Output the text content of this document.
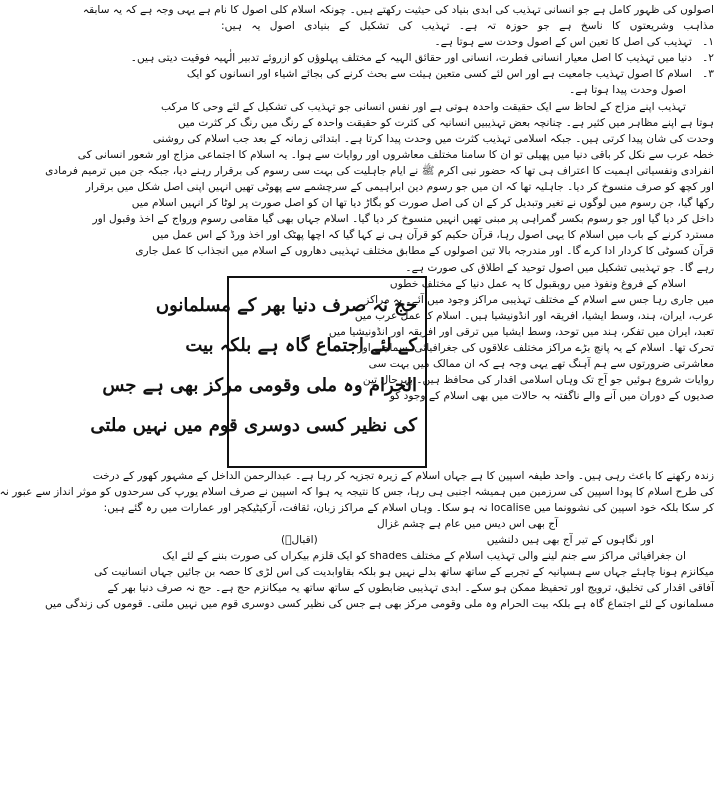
اصولوں کی ظہور کامل ہے جو انسانی تہذیب کی ابدی بنیاد کی حیثیت رکھتے ہیں۔ چونکہ اسلام کلی اصول کا نام ہے یہی وجہ ہے کہ یہ سابقہ
مذاہب وشریعتوں کا ناسخ ہے جو حوزہ تہ ہے۔ تہذیب کی تشکیل کے بنیادی اصول یہ ہیں:
۱۔
تہذیب کی اصل کا تعین اس کے اصول وحدت سے ہوتا ہے۔
۲۔
دنیا میں تہذیب کا اصل معیار انسانی فطرت، انسانی اور حقائق الہیہ کے مختلف پہلوؤں کو ازروئے تدبیر الٰہیہ فوقیت دیتی ہیں۔
۳۔
اسلام کا اصول تہذیب جامعیت ہے اور اس لئے کسی متعین ہیئت سے بحث کرنے کی بجائے اشیاء اور انسانوں کو ایک
اصول وحدت پیدا ہوتا ہے۔
تہذیب اپنے مزاج کے لحاظ سے ایک حقیقت واحدہ ہوتی ہے اور نفس انسانی جو تہذیب کی تشکیل کے لئے وحی کا مرکب
ہوتا ہے اپنے مظاہر میں کثیر ہے۔ چنانچہ بعض تہذیبیں انسانیہ کی کثرت کو حقیقت واحدہ کے رنگ میں رنگ کر کثرت میں
وحدت کی شان پیدا کرتی ہیں۔ جبکہ اسلامی تہذیب کثرت میں وحدت پیدا کرتا ہے۔ ابتدائی زمانہ کے بعد جب اسلام کی روشنی
خطہ عرب سے نکل کر باقی دنیا میں پھیلی تو ان کا سامنا مختلف معاشروں اور روایات سے ہوا۔ یہ اسلام کا اجتماعی مزاج اور شعور انسانی کی
انفرادی ونفسیاتی اہمیت کا اعتراف ہی تھا کہ حضور نبی اکرم ﷺ نے ایام جاہلیت کی بہت سی رسوم کی برقرار رہنے دیا، جبکہ جن میں ترمیم فرمادی
اور کچھ کو صرف منسوخ کر دیا۔ جاہلیہ تھا کہ ان میں جو رسوم دین ابراہیمی کے سرچشمے سے پھوٹی تھیں انہیں اپنی اصل شکل میں برقرار
رکھا گیا، جن رسوم میں لوگوں نے تغیر وتبدیل کر کے ان کی اصل صورت کو بگاڑ دیا تھا ان کو اصل صورت پر لوٹا کر انہیں اسلام میں
داخل کر دیا گیا اور جو رسوم بکسر گمراہی پر مبنی تھیں انہیں منسوخ کر دیا گیا۔ اسلام جہاں بھی گیا مقامی رسوم ورواج کے اخذ وقبول اور
مسترد کرنے کے باب میں اسلام کا یہی اصول رہا، قرآن حکیم کو قرآن ہی نے کہا گیا کہ اچھا پھٹک اور اخذ ورڈ کے اس عمل میں
قرآن کسوٹی کا کردار ادا کرے گا۔ اور مندرجہ بالا تین اصولوں کے مطابق مختلف تہذیبی دھاروں کے اسلام میں انجذاب کا عمل جاری
رہے گا۔ جو تہذیبی تشکیل میں اصول توحید کے اطلاق کی صورت ہے۔
اسلام کے فروغ ونفوذ میں روبقبول کا یہ عمل دنیا کے مختلف خطوں
میں جاری رہا جس سے اسلام کے مختلف تہذیبی مراکز وجود میں آئے۔ یہ مراکز
عرب، ایران، ہند، وسط ایشیا، افریقہ اور انڈونیشیا ہیں۔ اسلام کا عمل عرب میں
تعبد، ایران میں تفکر، ہند میں توحد، وسط ایشیا میں ترقی اور افریقہ اور انڈونیشیا میں
تحرک تھا۔ اسلام کے یہ پانچ بڑے مراکز مختلف علاقوں کی جغرافیائی، سماجی اور
معاشرتی ضرورتوں سے ہم آہنگ تھے یہی وجہ ہے کہ ان ممالک میں بہت سی
روایات شروع ہوئیں جو آج تک وہاں اسلامی اقدار کی محافظ ہیں۔ بہرحال تین
صدیوں کے دوران میں آنے والے ناگفتہ بہ حالات میں بھی اسلام کے وجود کو
حج نہ صرف دنیا بھر کے مسلمانوں
کے لئے اجتماع گاہ ہے بلکہ بیت
الحرام وہ ملی وقومی مرکز بھی ہے جس
کی نظیر کسی دوسری قوم میں نہیں ملتی
زندہ رکھنے کا باعث رہی ہیں۔ واحد طیفہ اسپین کا ہے جہاں اسلام کے زیرہ تجزیہ کر رہا ہے۔ عبدالرحمن الداخل کے مشہور کھور کے درخت
کی طرح اسلام کا پودا اسپین کی سرزمین میں ہمیشہ اجنبی ہی رہا، جس کا نتیجہ یہ ہوا کہ اسپین نے صرف اسلام یورپ کی سرحدوں کو موثر انداز سے عبور نہ
کر سکا بلکہ خود اسپین کی نشوونما میں localise نہ ہو سکا۔ وہاں اسلام کے مراکز زبان، ثقافت، آرکیٹیکچر اور عمارات میں رہ گئے ہیں:
آج بھی اس دیس میں عام ہے چشم غزال
اور نگاہوں کے تیر آج بھی ہیں دلنشیں
(اقبالؒ)
ان جغرافیائی مراکز سے جنم لینے والی تہذیب اسلام کے مختلف shades کو ایک قلزم بیکراں کی صورت بننے کے لئے ایک
میکانزم ہونا چاہئے جہاں سے ہسپانیہ کے تجربے کے ساتھ ساتھ بدلے نہیں ہو بلکہ بقاوابدیت کی اس لڑی کا حصہ بن جائیں جہاں انسانیت کی
آفاقی اقدار کی تخلیق، ترویج اور تحفیظ ممکن ہو سکے۔ ابدی تہذیبی ضابطوں کے ساتھ ساتھ یہ میکانزم حج ہے۔ حج نہ صرف دنیا بھر کے
مسلمانوں کے لئے اجتماع گاہ ہے بلکہ بیت الحرام وہ ملی وقومی مرکز بھی ہے جس کی نظیر کسی دوسری قوم میں نہیں ملتی۔ قوموں کی زندگی میں
